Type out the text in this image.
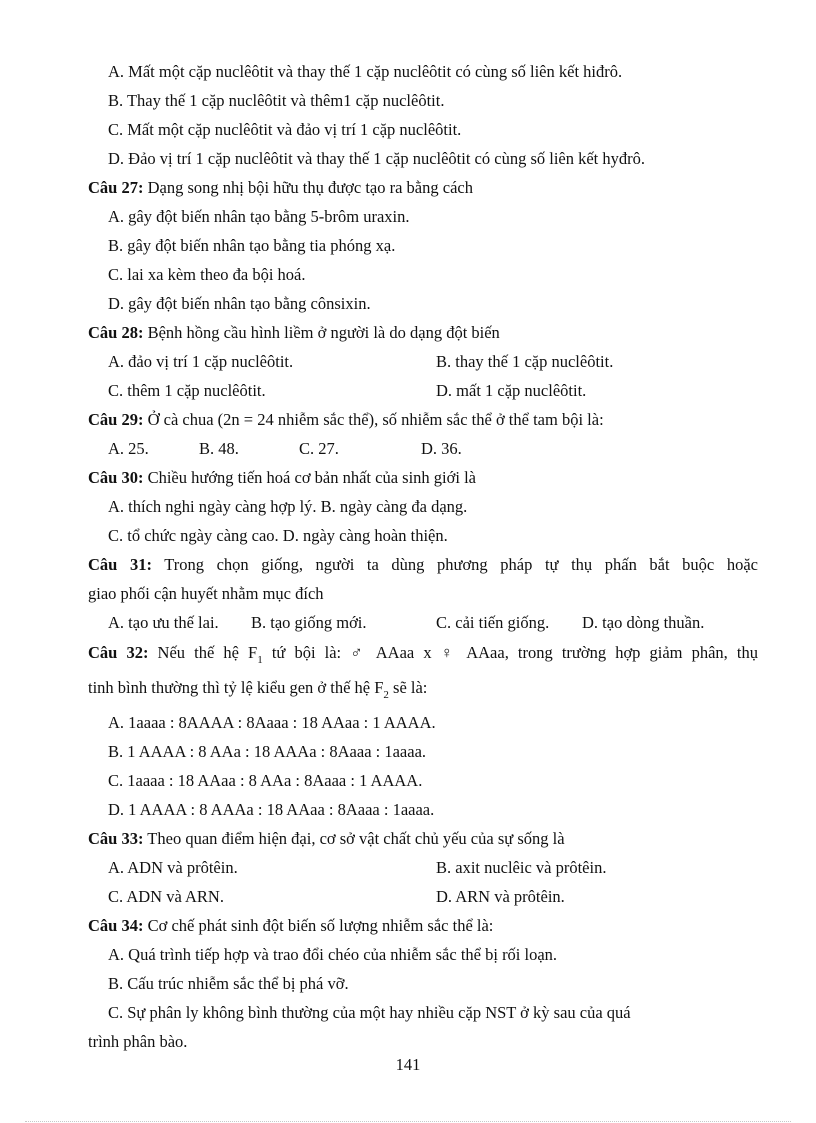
A. Mất một cặp nuclêôtit và thay thế 1 cặp nuclêôtit có cùng số liên kết hiđrô.
B. Thay thế 1 cặp nuclêôtit và thêm1 cặp nuclêôtit.
C. Mất một cặp nuclêôtit và đảo vị trí 1 cặp nuclêôtit.
D. Đảo vị trí 1 cặp nuclêôtit và thay thế 1 cặp nuclêôtit có cùng số liên kết hyđrô.
Câu 27: Dạng song nhị bội hữu thụ được tạo ra bằng cách
A. gây đột biến nhân tạo bằng 5-brôm uraxin.
B. gây đột biến nhân tạo bằng tia phóng xạ.
C. lai xa kèm theo đa bội hoá.
D. gây đột biến nhân tạo bằng cônsixin.
Câu 28: Bệnh hồng cầu hình liềm ở người là do dạng đột biến
A. đảo vị trí 1 cặp nuclêôtit.	B. thay thế 1 cặp nuclêôtit.
C. thêm 1 cặp nuclêôtit.	D. mất 1 cặp nuclêôtit.
Câu 29: Ở cà chua (2n = 24 nhiễm sắc thể), số nhiễm sắc thể ở thể tam bội là:
A. 25.	B. 48.	C. 27.	D. 36.
Câu 30: Chiều hướng tiến hoá cơ bản nhất của sinh giới là
A. thích nghi ngày càng hợp lý. B. ngày càng đa dạng.
C. tổ chức ngày càng cao. D. ngày càng hoàn thiện.
Câu 31: Trong chọn giống, người ta dùng phương pháp tự thụ phấn bắt buộc hoặc
giao phối cận huyết nhằm mục đích
A. tạo ưu thế lai. B. tạo giống mới.	C. cải tiến giống. D. tạo dòng thuần.
Câu 32: Nếu thế hệ $F_1$ tứ bội là: ♂ AAaa x ♀ AAaa, trong trường hợp giảm phân, thụ
tinh bình thường thì tỷ lệ kiểu gen ở thế hệ $F_2$ sẽ là:
A. 1aaaa : 8AAAA : 8Aaaa : 18 AAaa : 1 AAAA.
B. 1 AAAA : 8 AAa : 18 AAAa : 8Aaaa : 1aaaa.
C. 1aaaa : 18 AAaa : 8 AAa : 8Aaaa : 1 AAAA.
D. 1 AAAA : 8 AAAa : 18 AAaa : 8Aaaa : 1aaaa.
Câu 33: Theo quan điểm hiện đại, cơ sở vật chất chủ yếu của sự sống là
A. ADN và prôtêin.	B. axit nuclêic và prôtêin.
C. ADN và ARN.	D. ARN và prôtêin.
Câu 34: Cơ chế phát sinh đột biến số lượng nhiễm sắc thể là:
A. Quá trình tiếp hợp và trao đổi chéo của nhiễm sắc thể bị rối loạn.
B. Cấu trúc nhiễm sắc thể bị phá vỡ.
C. Sự phân ly không bình thường của một hay nhiều cặp NST ở kỳ sau của quá
trình phân bào.
141
